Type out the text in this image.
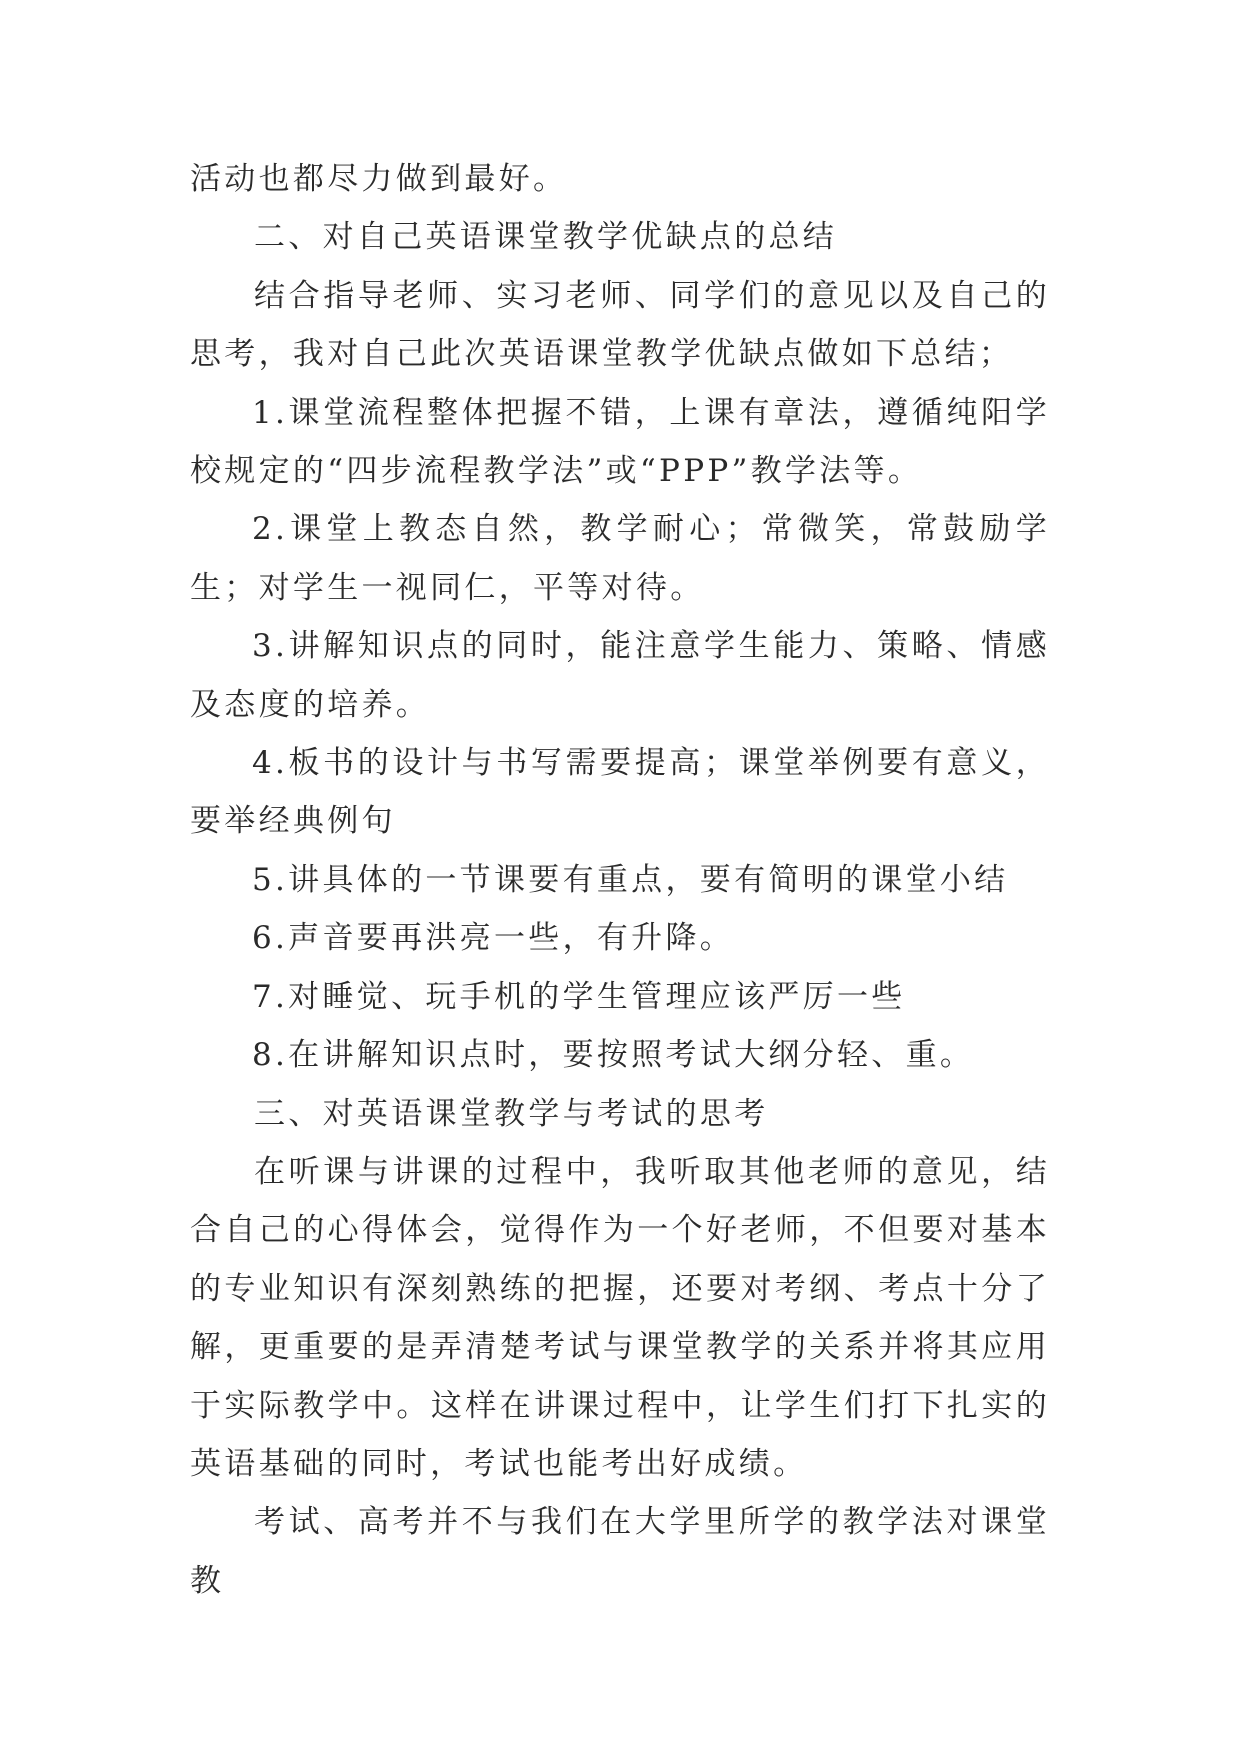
活动也都尽力做到最好。

二、对自己英语课堂教学优缺点的总结

结合指导老师、实习老师、同学们的意见以及自己的思考，我对自己此次英语课堂教学优缺点做如下总结；

1.课堂流程整体把握不错，上课有章法，遵循纯阳学校规定的“四步流程教学法”或“PPP”教学法等。

2.课堂上教态自然，教学耐心；常微笑，常鼓励学生；对学生一视同仁，平等对待。

3.讲解知识点的同时，能注意学生能力、策略、情感及态度的培养。

4.板书的设计与书写需要提高；课堂举例要有意义，要举经典例句

5.讲具体的一节课要有重点，要有简明的课堂小结

6.声音要再洪亮一些，有升降。

7.对睡觉、玩手机的学生管理应该严厉一些

8.在讲解知识点时，要按照考试大纲分轻、重。

三、对英语课堂教学与考试的思考

在听课与讲课的过程中，我听取其他老师的意见，结合自己的心得体会，觉得作为一个好老师，不但要对基本的专业知识有深刻熟练的把握，还要对考纲、考点十分了解，更重要的是弄清楚考试与课堂教学的关系并将其应用于实际教学中。这样在讲课过程中，让学生们打下扎实的英语基础的同时，考试也能考出好成绩。

考试、高考并不与我们在大学里所学的教学法对课堂教
